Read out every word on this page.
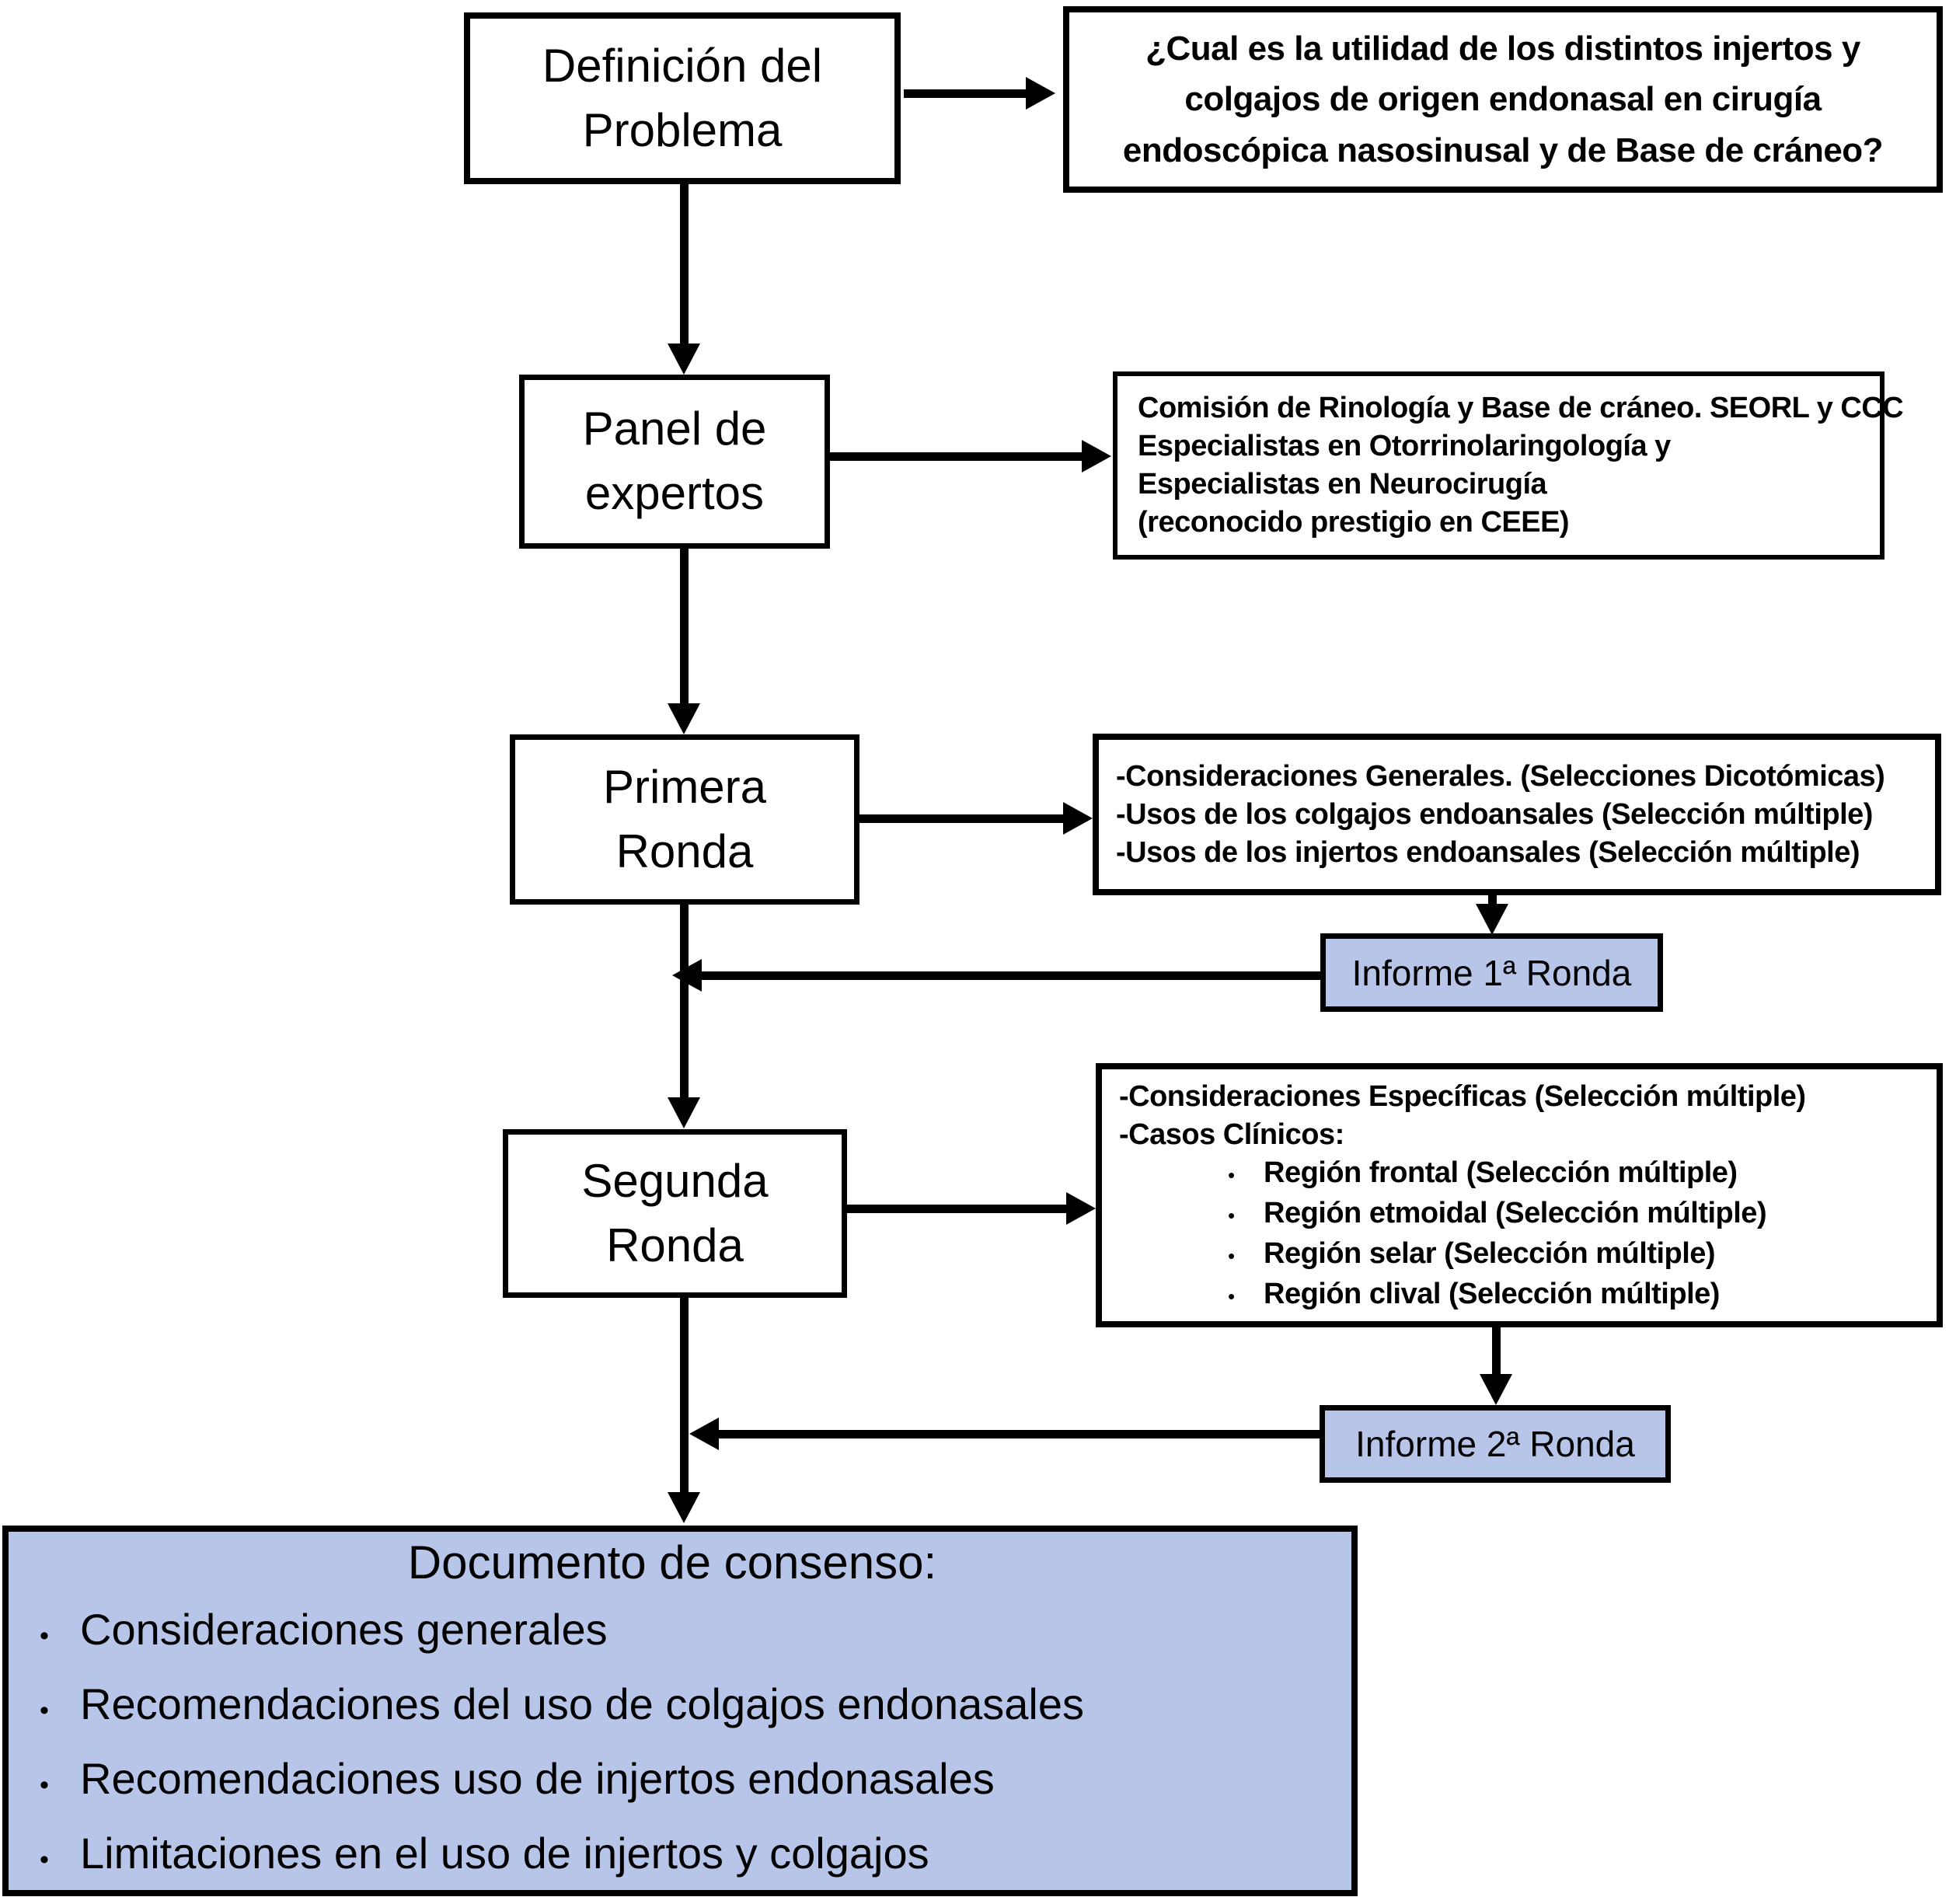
Definición del Problema
Panel de expertos
Primera Ronda
Segunda Ronda
¿Cual es la utilidad de los distintos injertos y colgajos de origen endonasal en cirugía endoscópica nasosinusal y de Base de cráneo?
Comisión de Rinología y Base de cráneo. SEORL y CCC
Especialistas en Otorrinolaringología y
Especialistas en Neurocirugía
(reconocido prestigio en CEEE)
-Consideraciones Generales. (Selecciones Dicotómicas)
-Usos de los colgajos endoansales (Selección múltiple)
-Usos de los injertos endoansales (Selección múltiple)
Informe 1ª Ronda
-Consideraciones Específicas (Selección múltiple)
-Casos Clínicos:
• Región frontal (Selección múltiple)
• Región etmoidal (Selección múltiple)
• Región selar (Selección múltiple)
• Región clival (Selección múltiple)
Informe 2ª Ronda
Documento de consenso:
• Consideraciones generales
• Recomendaciones del uso de colgajos endonasales
• Recomendaciones uso de injertos endonasales
• Limitaciones en el uso de injertos y colgajos
